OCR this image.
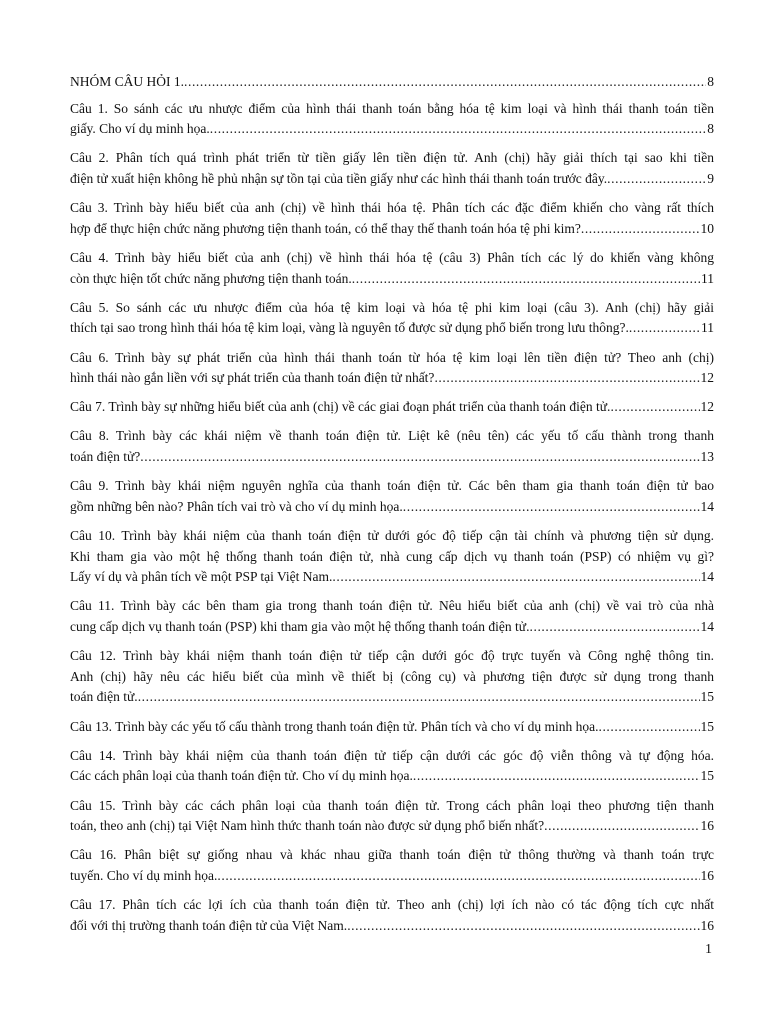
NHÓM CÂU HỎI 1. .....	8
Câu 1. So sánh các ưu nhược điểm của hình thái thanh toán bằng hóa tệ kim loại và hình thái thanh toán tiền
giấy. Cho ví dụ minh họa. .....	8
Câu 2. Phân tích quá trình phát triển từ tiền giấy lên tiền điện tử. Anh (chị) hãy giải thích tại sao khi tiền
điện tử xuất hiện không hề phủ nhận sự tồn tại của tiền giấy như các hình thái thanh toán trước đây. .....	9
Câu 3. Trình bày hiểu biết của anh (chị) về hình thái hóa tệ. Phân tích các đặc điểm khiến cho vàng rất thích
hợp để thực hiện chức năng phương tiện thanh toán, có thể thay thế thanh toán hóa tệ phi kim? .....	10
Câu 4. Trình bày hiểu biết của anh (chị) về hình thái hóa tệ (câu 3) Phân tích các lý do khiến vàng không
còn thực hiện tốt chức năng phương tiện thanh toán. .....	11
Câu 5. So sánh các ưu nhược điểm của hóa tệ kim loại và hóa tệ phi kim loại (câu 3). Anh (chị) hãy giải
thích tại sao trong hình thái hóa tệ kim loại, vàng là nguyên tố được sử dụng phổ biến trong lưu thông?. .....	11
Câu 6. Trình bày sự phát triển của hình thái thanh toán từ hóa tệ kim loại lên tiền điện tử? Theo anh (chị)
hình thái nào gắn liền với sự phát triển của thanh toán điện tử nhất? .....	12
Câu 7. Trình bày sự những hiểu biết của anh (chị) về các giai đoạn phát triển của thanh toán điện tử. .....	12
Câu 8. Trình bày các khái niệm về thanh toán điện tử. Liệt kê (nêu tên) các yếu tố cấu thành trong thanh
toán điện tử? .....	13
Câu 9. Trình bày khái niệm nguyên nghĩa của thanh toán điện tử. Các bên tham gia thanh toán điện tử bao
gồm những bên nào? Phân tích vai trò và cho ví dụ minh họa. .....	14
Câu 10. Trình bày khái niệm của thanh toán điện tử dưới góc độ tiếp cận tài chính và phương tiện sử dụng.
Khi tham gia vào một hệ thống thanh toán điện tử, nhà cung cấp dịch vụ thanh toán (PSP) có nhiệm vụ gì?
Lấy ví dụ và phân tích về một PSP tại Việt Nam. .....	14
Câu 11. Trình bày các bên tham gia trong thanh toán điện tử. Nêu hiểu biết của anh (chị) về vai trò của nhà
cung cấp dịch vụ thanh toán (PSP) khi tham gia vào một hệ thống thanh toán điện tử. .....	14
Câu 12. Trình bày khái niệm thanh toán điện tử tiếp cận dưới góc độ trực tuyến và Công nghệ thông tin.
Anh (chị) hãy nêu các hiểu biết của mình về thiết bị (công cụ) và phương tiện được sử dụng trong thanh
toán điện tử. .....	15
Câu 13. Trình bày các yếu tố cấu thành trong thanh toán điện tử. Phân tích và cho ví dụ minh họa. .....	15
Câu 14. Trình bày khái niệm của thanh toán điện tử tiếp cận dưới các góc độ viễn thông và tự động hóa.
Các cách phân loại của thanh toán điện tử. Cho ví dụ minh họa. .....	15
Câu 15. Trình bày các cách phân loại của thanh toán điện tử. Trong cách phân loại theo phương tiện thanh
toán, theo anh (chị) tại Việt Nam hình thức thanh toán nào được sử dụng phổ biến nhất? .....	16
Câu 16. Phân biệt sự giống nhau và khác nhau giữa thanh toán điện tử thông thường và thanh toán trực
tuyến. Cho ví dụ minh họa. .....	16
Câu 17. Phân tích các lợi ích của thanh toán điện tử. Theo anh (chị) lợi ích nào có tác động tích cực nhất
đối với thị trường thanh toán điện tử của Việt Nam. .....	16
1
